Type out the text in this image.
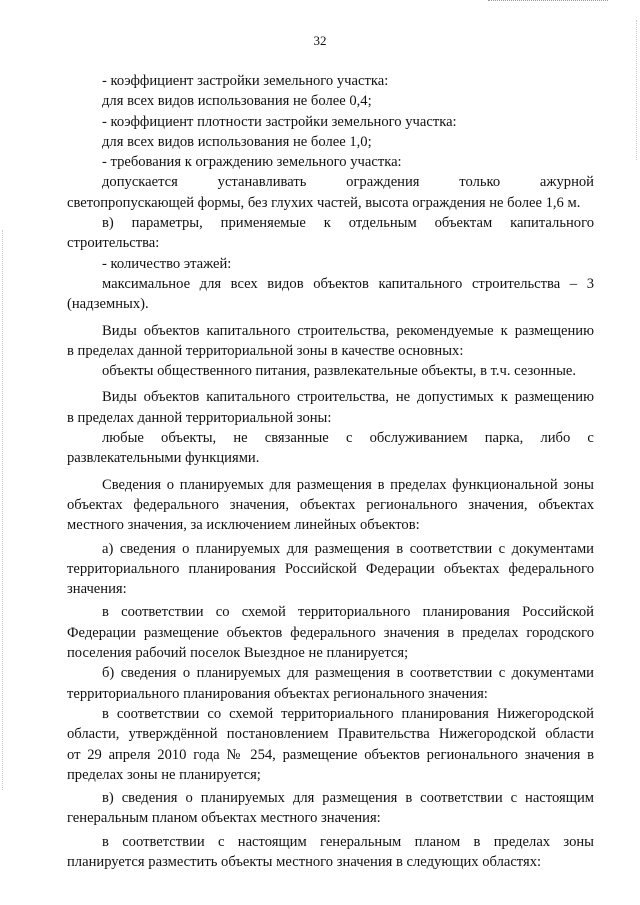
32

- коэффициент застройки земельного участка:

для всех видов использования не более 0,4;

- коэффициент плотности застройки земельного участка:

для всех видов использования не более 1,0;

- требования к ограждению земельного участка:

допускается	устанавливать	ограждения	только	ажурной

светопропускающей формы, без глухих частей, высота ограждения не более 1,6 м.

в) параметры, применяемые к отдельным объектам капитального

строительства:

- количество этажей:

максимальное для всех видов объектов капитального строительства – 3

(надземных).

Виды объектов капитального строительства, рекомендуемые к размещению

в пределах данной территориальной зоны в качестве основных:

объекты общественного питания, развлекательные объекты, в т.ч. сезонные.

Виды объектов капитального строительства, не допустимых к размещению

в пределах данной территориальной зоны:

любые объекты, не связанные с обслуживанием парка, либо с

развлекательными функциями.

Сведения о планируемых для размещения в пределах функциональной зоны

объектах федерального значения, объектах регионального значения, объектах

местного значения, за исключением линейных объектов:

а) сведения о планируемых для размещения в соответствии с документами

территориального планирования Российской Федерации объектах федерального

значения:

в соответствии со схемой территориального планирования Российской

Федерации размещение объектов федерального значения в пределах городского

поселения рабочий поселок Выездное не планируется;

б) сведения о планируемых для размещения в соответствии с документами

территориального планирования объектах регионального значения:

в соответствии со схемой территориального планирования Нижегородской

области, утверждённой постановлением Правительства Нижегородской области

от 29 апреля 2010 года № 254, размещение объектов регионального значения в

пределах зоны не планируется;

в) сведения о планируемых для размещения в соответствии с настоящим

генеральным планом объектах местного значения:

в соответствии с настоящим генеральным планом в пределах зоны

планируется разместить объекты местного значения в следующих областях:
